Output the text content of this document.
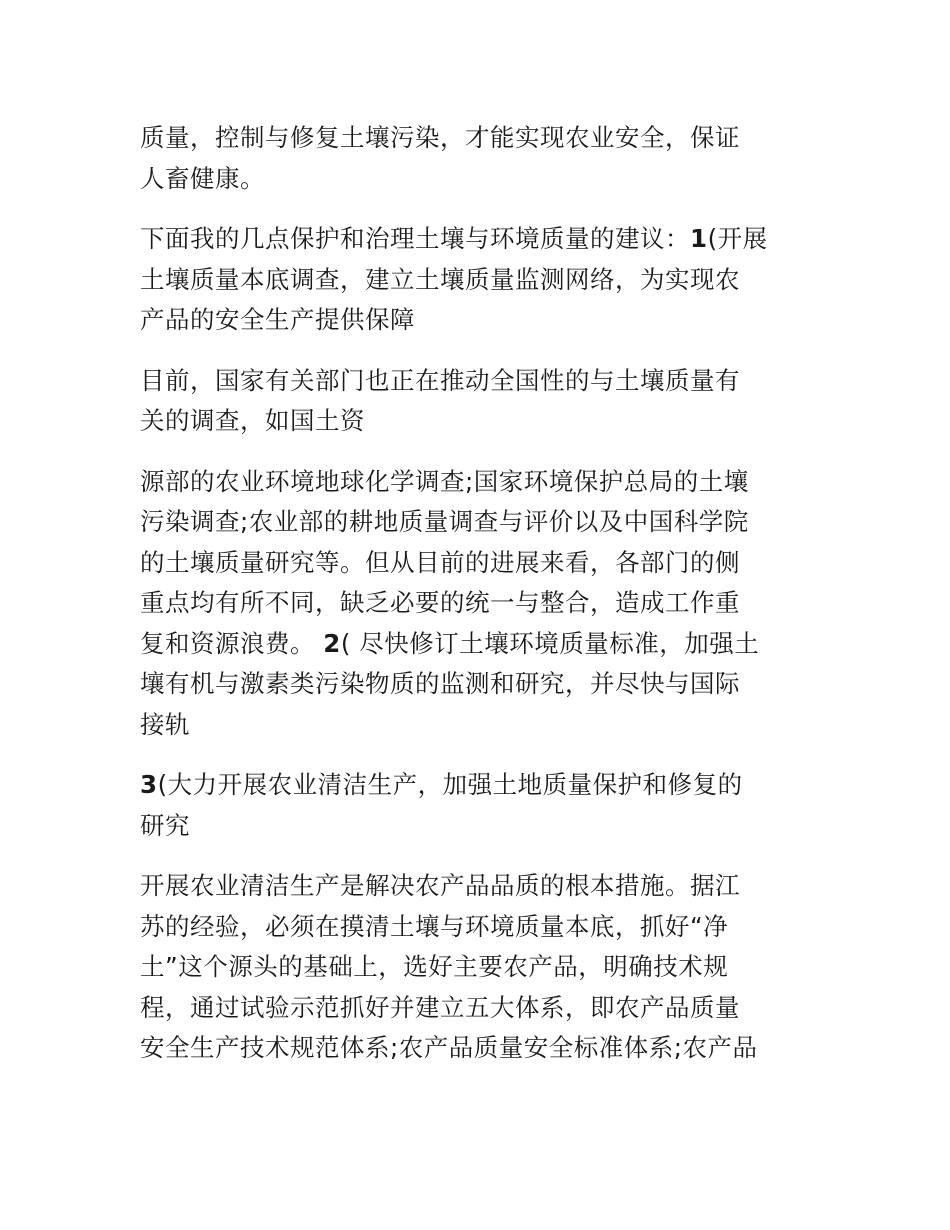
质量，控制与修复土壤污染，才能实现农业安全，保证
人畜健康。

下面我的几点保护和治理土壤与环境质量的建议：1(开展
土壤质量本底调查，建立土壤质量监测网络，为实现农
产品的安全生产提供保障

目前，国家有关部门也正在推动全国性的与土壤质量有
关的调查，如国土资

源部的农业环境地球化学调查;国家环境保护总局的土壤
污染调查;农业部的耕地质量调查与评价以及中国科学院
的土壤质量研究等。但从目前的进展来看，各部门的侧
重点均有所不同，缺乏必要的统一与整合，造成工作重
复和资源浪费。 2( 尽快修订土壤环境质量标准，加强土
壤有机与激素类污染物质的监测和研究，并尽快与国际
接轨

3(大力开展农业清洁生产，加强土地质量保护和修复的
研究

开展农业清洁生产是解决农产品品质的根本措施。据江
苏的经验，必须在摸清土壤与环境质量本底，抓好“净
土”这个源头的基础上，选好主要农产品，明确技术规
程，通过试验示范抓好并建立五大体系，即农产品质量
安全生产技术规范体系;农产品质量安全标准体系;农产品
